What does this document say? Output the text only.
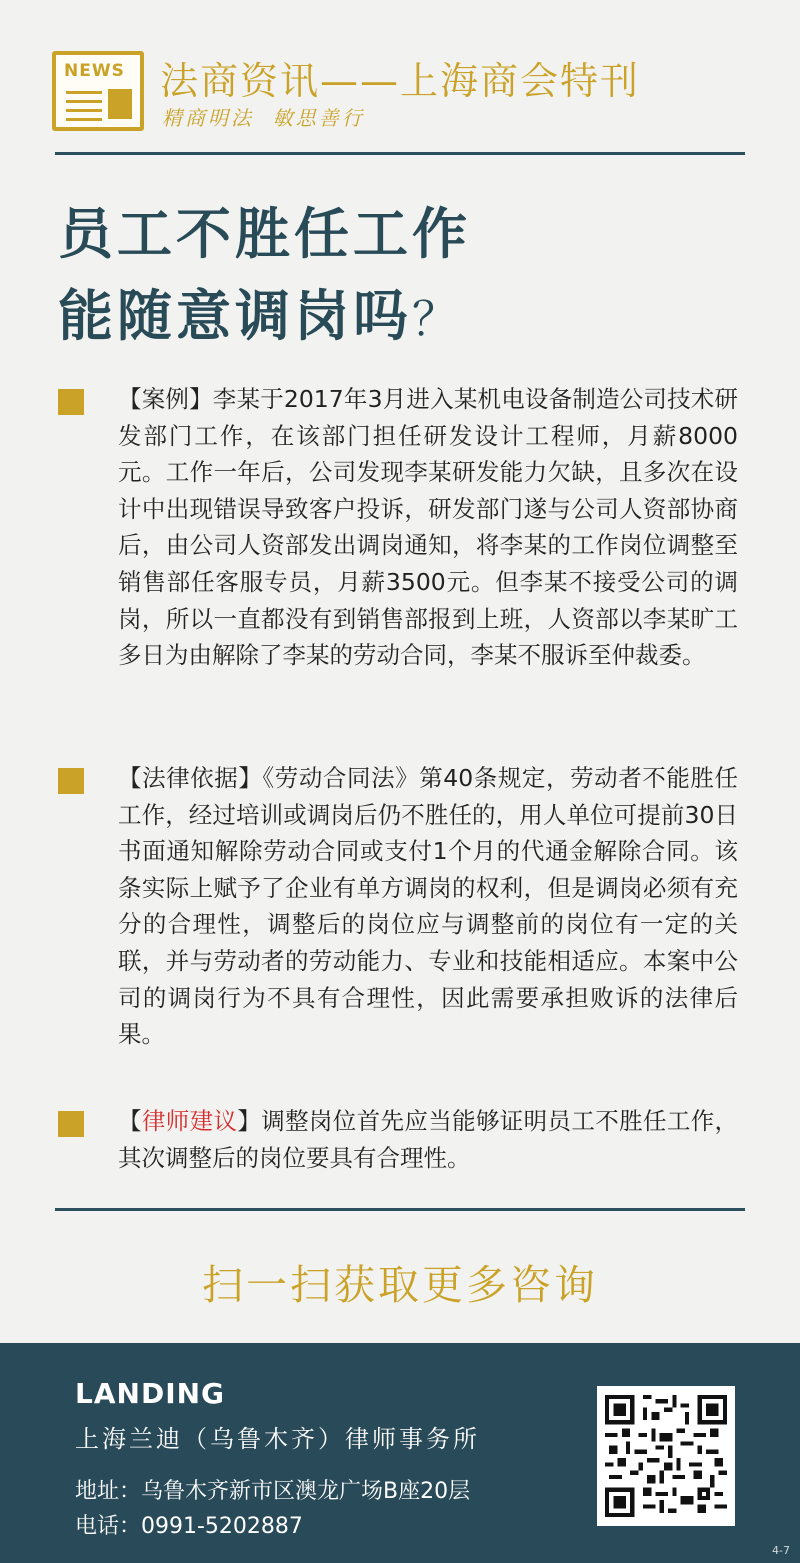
NEWS 法商资讯——上海商会特刊
精商明法  敏思善行
员工不胜任工作
能随意调岗吗？
【案例】李某于2017年3月进入某机电设备制造公司技术研发部门工作，在该部门担任研发设计工程师，月薪8000元。工作一年后，公司发现李某研发能力欠缺，且多次在设计中出现错误导致客户投诉，研发部门遂与公司人资部协商后，由公司人资部发出调岗通知，将李某的工作岗位调整至销售部任客服专员，月薪3500元。但李某不接受公司的调岗，所以一直都没有到销售部报到上班，人资部以李某旷工多日为由解除了李某的劳动合同，李某不服诉至仲裁委。
【法律依据】《劳动合同法》第40条规定，劳动者不能胜任工作，经过培训或调岗后仍不胜任的，用人单位可提前30日书面通知解除劳动合同或支付1个月的代通金解除合同。该条实际上赋予了企业有单方调岗的权利，但是调岗必须有充分的合理性，调整后的岗位应与调整前的岗位有一定的关联，并与劳动者的劳动能力、专业和技能相适应。本案中公司的调岗行为不具有合理性，因此需要承担败诉的法律后果。
【律师建议】调整岗位首先应当能够证明员工不胜任工作，其次调整后的岗位要具有合理性。
扫一扫获取更多咨询
LANDING
上海兰迪（乌鲁木齐）律师事务所
地址：乌鲁木齐新市区澳龙广场B座20层
电话：0991-5202887
4-7
